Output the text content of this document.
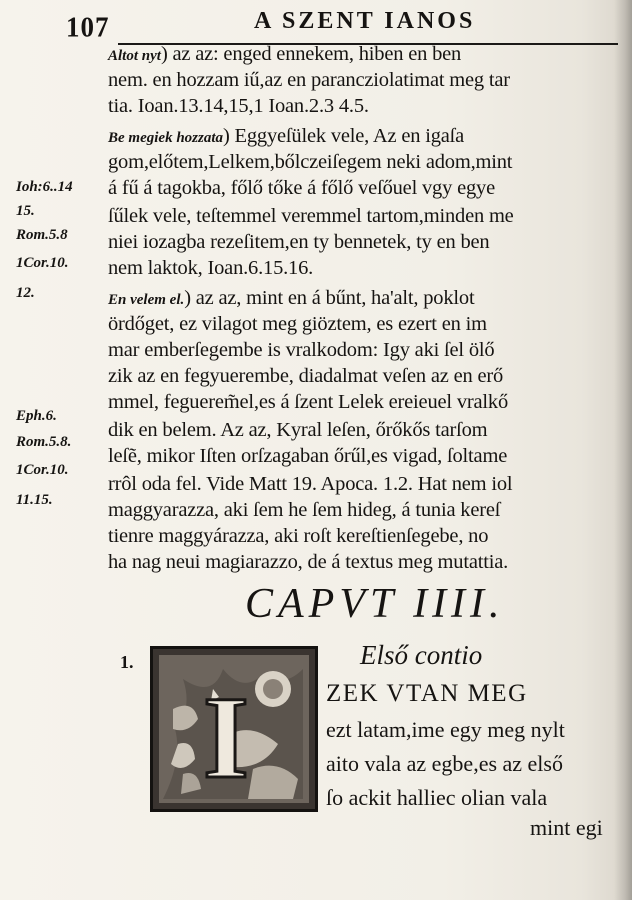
107	A SZENT IANOS
Ioh:6..14
15.
Rom.5.8
1Cor.10.
12.
Eph.6.
Rom.5.8.
1Cor.10.
11.15.
Altot nyt) az az: enged ennekem, hiben en ben
nem. en hozzam iű,az en parancziolatimat meg tar
tia. Ioan.13.14,15,1 Ioan.2.3 4.5.
Be megiek hozzata) Eggyeſülek vele, Az en igaſa
gom,előtem,Lelkem,bőlczeiſegem neki adom,mint
á fű á tagokba, főlő tőke á főlő veſőuel vgy egye
ſűlek vele, teſtemmel veremmel tartom,minden me
niei iozagba rezeſitem,en ty bennetek, ty en ben
nem laktok, Ioan.6.15.16.
En velem el.) az az, mint en á bűnt, ha'alt, poklot
ördőget, ez vilagot meg giöztem, es ezert en im
mar emberſegembe is vralkodom: Igy aki ſel ölő
zik az en fegyuerembe, diadalmat veſen az en erő
mmel, feguerem̃el,es á ſzent Lelek ereieuel vralkő
dik en belem. Az az, Kyral leſen, őrőkős tarſom
leſẽ, mikor Iſten orſzagaban őrűl,es vigad, ſoltame
rrôl oda fel. Vide Matt 19. Apoca. 1.2. Hat nem iol
maggyarazza, aki ſem he ſem hideg, á tunia kereſ
tienre maggyárazza, aki roſt kereſtienſegebe, no
ha nag neui magiarazzo, de á textus meg mutattia.
CAPVT IIII.
1.
I
Első contio
ZEK VTAN MEG
ezt latam,ime egy meg nylt
aito vala az egbe,es az első
ſo ackit halliec olian vala
mint egi
